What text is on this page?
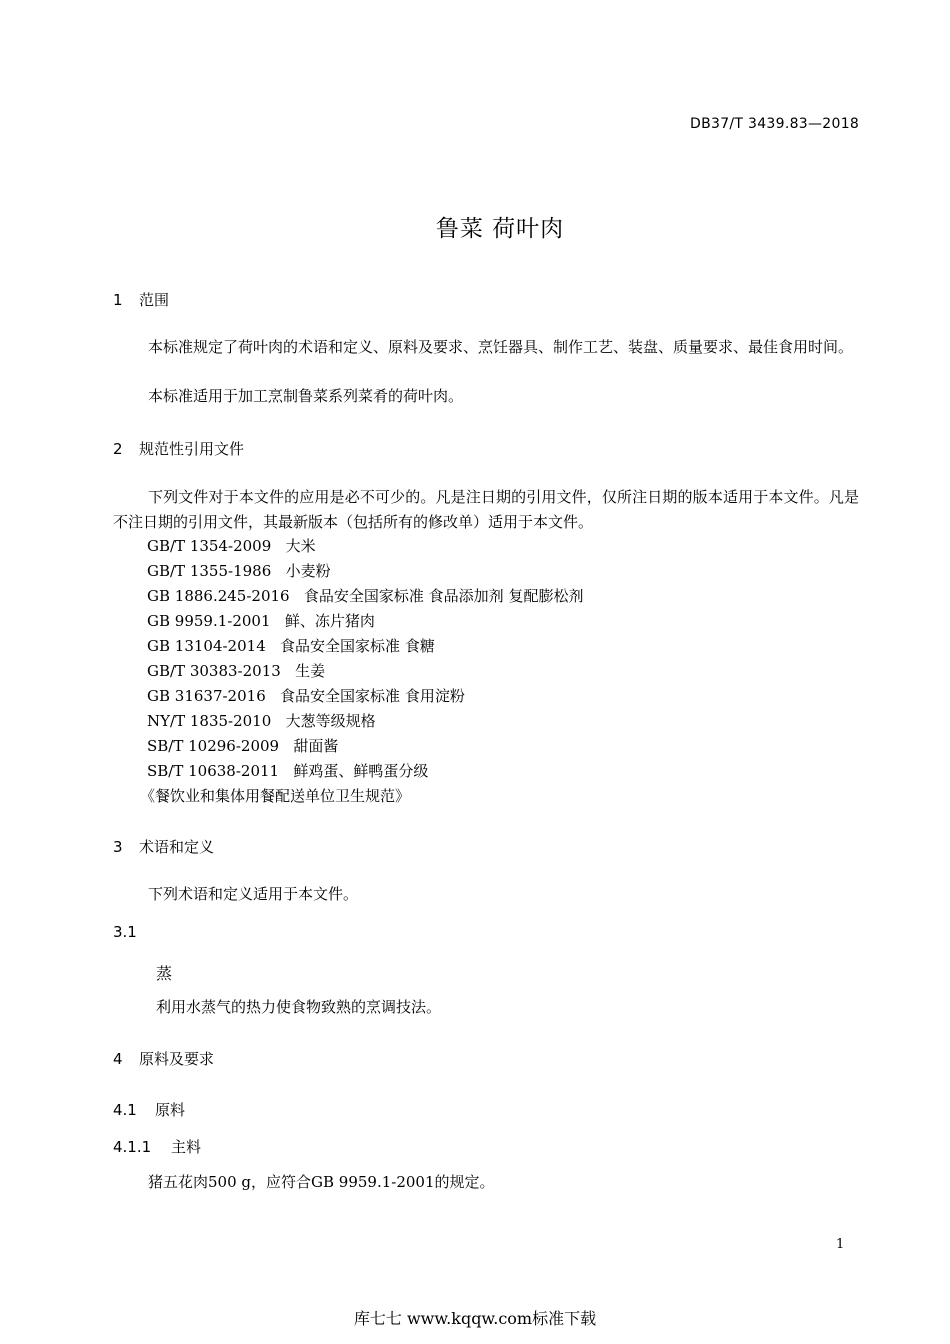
DB37/T 3439.83—2018
鲁菜 荷叶肉
1 范围
本标准规定了荷叶肉的术语和定义、原料及要求、烹饪器具、制作工艺、装盘、质量要求、最佳食用时间。
本标准适用于加工烹制鲁菜系列菜肴的荷叶肉。
2 规范性引用文件
下列文件对于本文件的应用是必不可少的。凡是注日期的引用文件，仅所注日期的版本适用于本文件。凡是不注日期的引用文件，其最新版本（包括所有的修改单）适用于本文件。
GB/T 1354-2009 大米
GB/T 1355-1986 小麦粉
GB 1886.245-2016 食品安全国家标准 食品添加剂 复配膨松剂
GB 9959.1-2001 鲜、冻片猪肉
GB 13104-2014 食品安全国家标准 食糖
GB/T 30383-2013 生姜
GB 31637-2016 食品安全国家标准 食用淀粉
NY/T 1835-2010 大葱等级规格
SB/T 10296-2009 甜面酱
SB/T 10638-2011 鲜鸡蛋、鲜鸭蛋分级
《餐饮业和集体用餐配送单位卫生规范》
3 术语和定义
下列术语和定义适用于本文件。
3.1
蒸
利用水蒸气的热力使食物致熟的烹调技法。
4 原料及要求
4.1 原料
4.1.1 主料
猪五花肉500 g，应符合GB 9959.1-2001的规定。
1
库七七 www.kqqw.com标准下载
